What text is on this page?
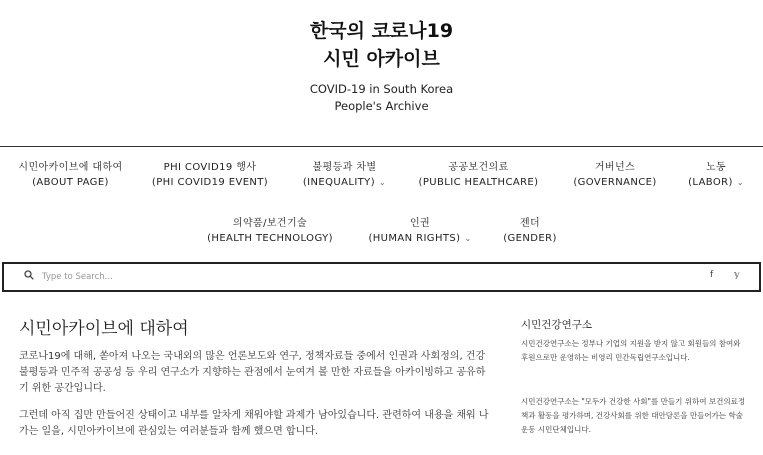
한국의 코로나19
시민 아카이브
COVID-19 in South Korea
People's Archive
시민아카이브에 대하여
(ABOUT PAGE)
PHI COVID19 행사
(PHI COVID19 EVENT)
불평등과 차별
(INEQUALITY) ⌄
공공보건의료
(PUBLIC HEALTHCARE)
거버넌스
(GOVERNANCE)
노동
(LABOR) ⌄
의약품/보건기술
(HEALTH TECHNOLOGY)
인권
(HUMAN RIGHTS) ⌄
젠더
(GENDER)
Type to Search...
f 𝕪
시민아카이브에 대하여
코로나19에 대해, 쏟아져 나오는 국내외의 많은 언론보도와 연구, 정책자료들 중에서 인권과 사회정의, 건강불평등과 민주적 공공성 등 우리 연구소가 지향하는 관점에서 눈여겨 볼 만한 자료들을 아카이빙하고 공유하기 위한 공간입니다.
그런데 아직 집만 만들어진 상태이고 내부를 알차게 채워야할 과제가 남아있습니다. 관련하여 내용을 채워 나가는 일을, 시민아카이브에 관심있는 여러분들과 함께 했으면 합니다.
시민건강연구소
시민건강연구소는 정부나 기업의 지원을 받지 않고 회원들의 참여와 후원으로만 운영하는 비영리 민간독립연구소입니다.
시민건강연구소는 "모두가 건강한 사회"를 만들기 위하여 보건의료정책과 활동을 평가하며, 건강사회를 위한 대안담론을 만들어가는 학술운동 시민단체입니다.
